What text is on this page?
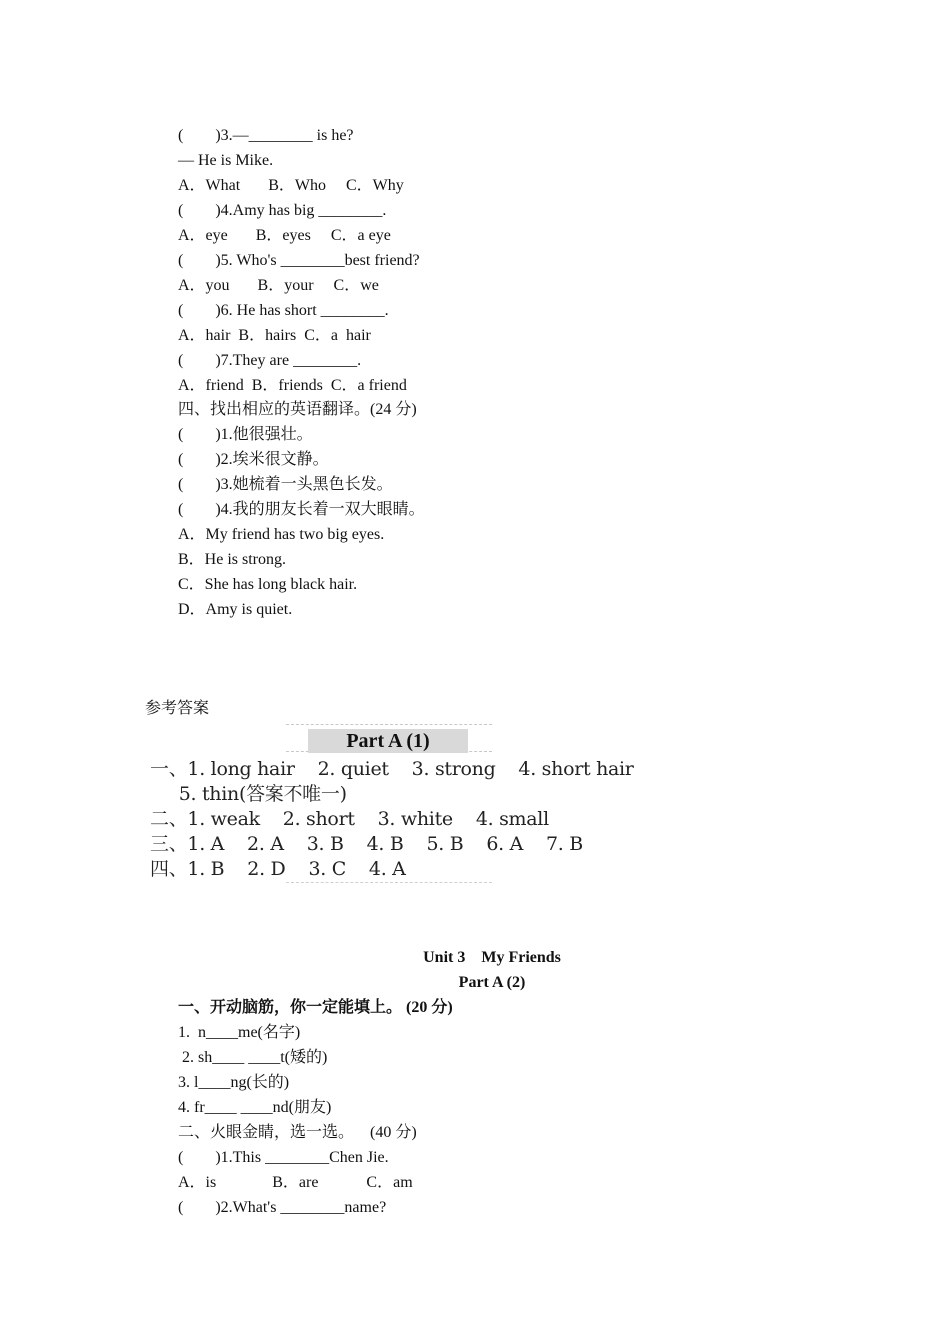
(        )3.—________ is he?
— He is Mike.
A．What       B．Who     C．Why
(        )4.Amy has big ________.
A．eye       B．eyes     C．a eye
(        )5. Who's ________best friend?
A．you       B．your     C．we
(        )6. He has short ________.
A．hair  B．hairs  C．a  hair
(        )7.They are ________.
A．friend  B．friends  C．a friend
四、找出相应的英语翻译。(24 分)
(        )1.他很强壮。
(        )2.埃米很文静。
(        )3.她梳着一头黑色长发。
(        )4.我的朋友长着一双大眼睛。
A．My friend has two big eyes.
B．He is strong.
C．She has long black hair.
D．Amy is quiet.
参考答案
Part A (1)
一、1. long hair    2. quiet    3. strong    4. short hair
5. thin(答案不唯一)
二、1. weak    2. short    3. white    4. small
三、1. A    2. A    3. B    4. B    5. B    6. A    7. B
四、1. B    2. D    3. C    4. A
Unit 3    My Friends
Part A (2)
一、开动脑筋，你一定能填上。 (20 分)
1.  n____me(名字)
2. sh____ ____t(矮的)
3. l____ng(长的)
4. fr____ ____nd(朋友)
二、火眼金睛，选一选。    (40 分)
(        )1.This ________Chen Jie.
A．is              B．are            C．am
(        )2.What's ________name?
